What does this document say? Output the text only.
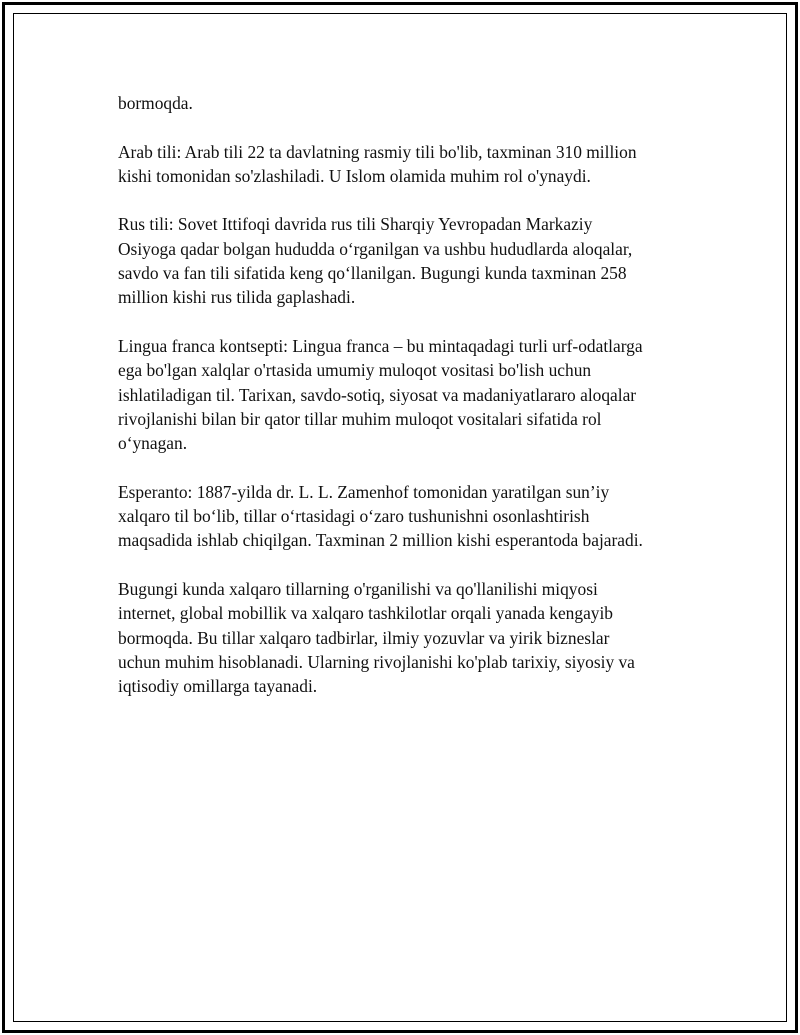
bormoqda.

Arab tili: Arab tili 22 ta davlatning rasmiy tili bo'lib, taxminan 310 million
kishi tomonidan so'zlashiladi. U Islom olamida muhim rol o'ynaydi.

Rus tili: Sovet Ittifoqi davrida rus tili Sharqiy Yevropadan Markaziy
Osiyoga qadar bolgan hududda o‘rganilgan va ushbu hududlarda aloqalar,
savdo va fan tili sifatida keng qo‘llanilgan. Bugungi kunda taxminan 258
million kishi rus tilida gaplashadi.

Lingua franca kontsepti: Lingua franca – bu mintaqadagi turli urf-odatlarga
ega bo'lgan xalqlar o'rtasida umumiy muloqot vositasi bo'lish uchun
ishlatiladigan til. Tarixan, savdo-sotiq, siyosat va madaniyatlararo aloqalar
rivojlanishi bilan bir qator tillar muhim muloqot vositalari sifatida rol
o‘ynagan.

Esperanto: 1887-yilda dr. L. L. Zamenhof tomonidan yaratilgan sun’iy
xalqaro til bo‘lib, tillar o‘rtasidagi o‘zaro tushunishni osonlashtirish
maqsadida ishlab chiqilgan. Taxminan 2 million kishi esperantoda bajaradi.

Bugungi kunda xalqaro tillarning o'rganilishi va qo'llanilishi miqyosi
internet, global mobillik va xalqaro tashkilotlar orqali yanada kengayib
bormoqda. Bu tillar xalqaro tadbirlar, ilmiy yozuvlar va yirik bizneslar
uchun muhim hisoblanadi. Ularning rivojlanishi ko'plab tarixiy, siyosiy va
iqtisodiy omillarga tayanadi.
